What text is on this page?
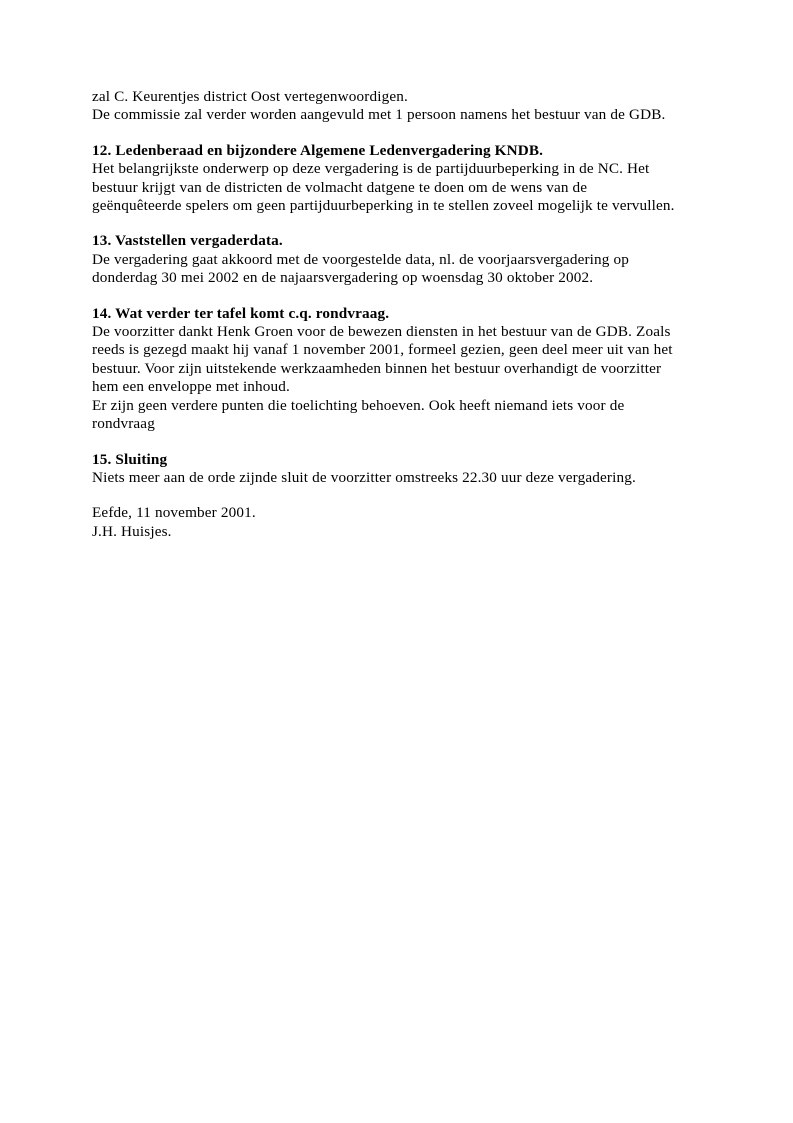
zal C. Keurentjes district Oost vertegenwoordigen.
De commissie zal verder worden aangevuld met 1 persoon namens het bestuur van de GDB.
12. Ledenberaad en bijzondere Algemene Ledenvergadering KNDB.
Het belangrijkste onderwerp op deze vergadering is de partijduurbeperking in de NC. Het
bestuur krijgt van de districten de volmacht datgene te doen om de wens van de
geënquêteerde spelers om geen partijduurbeperking in te stellen zoveel mogelijk te vervullen.
13. Vaststellen vergaderdata.
De vergadering gaat akkoord met de voorgestelde data, nl. de voorjaarsvergadering op
donderdag 30 mei 2002 en de najaarsvergadering op woensdag 30 oktober 2002.
14. Wat verder ter tafel komt c.q. rondvraag.
De voorzitter dankt Henk Groen voor de bewezen diensten in het bestuur van de GDB. Zoals
reeds is gezegd maakt hij vanaf 1 november 2001, formeel gezien, geen deel meer uit van het
bestuur. Voor zijn uitstekende werkzaamheden binnen het bestuur overhandigt de voorzitter
hem een enveloppe met inhoud.
Er zijn geen verdere punten die toelichting behoeven. Ook heeft niemand iets voor de
rondvraag
15. Sluiting
Niets meer aan de orde zijnde sluit de voorzitter omstreeks 22.30 uur deze vergadering.
Eefde, 11 november 2001.
J.H. Huisjes.
